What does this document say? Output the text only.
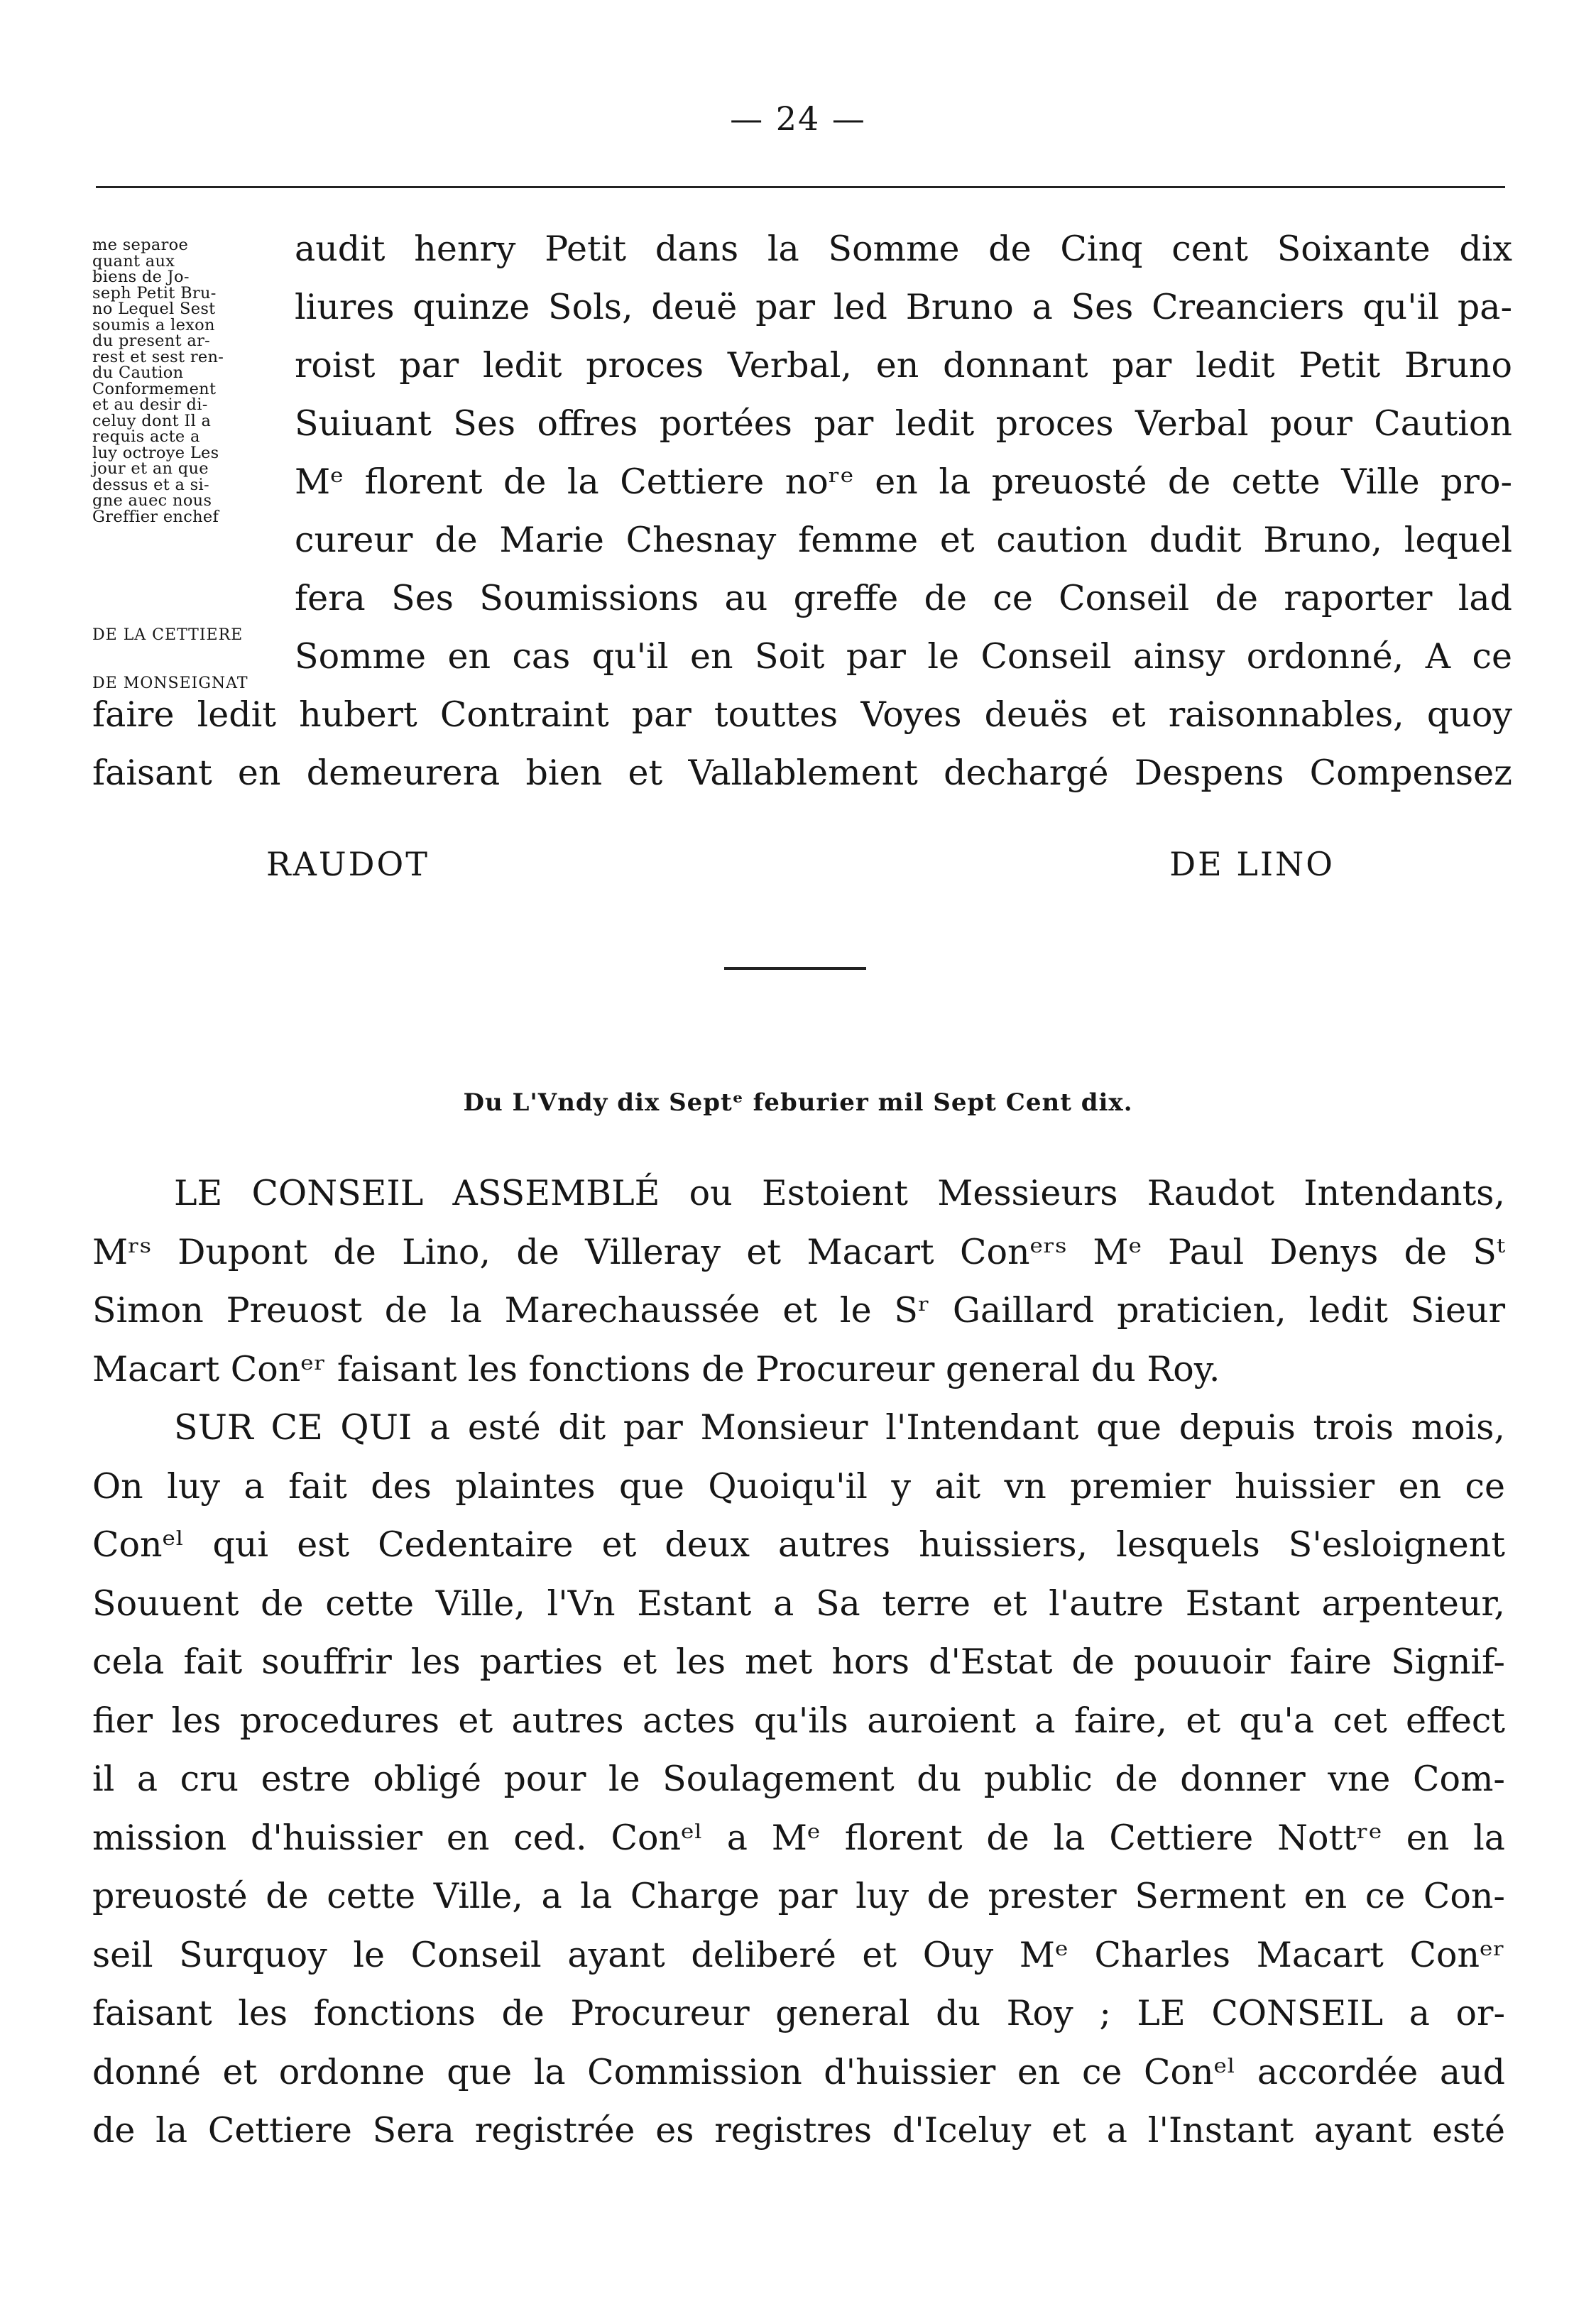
— 24 —
me separoe
quant aux
biens de Jo-
seph Petit Bru-
no Lequel Sest
soumis a lexon
du present ar-
rest et sest ren-
du Caution
Conformement
et au desir di-
celuy dont Il a
requis acte a
luy octroye Les
jour et an que
dessus et a si-
gne auec nous
Greffier enchef
DE LA CETTIERE
DE MONSEIGNAT
audit henry Petit dans la Somme de Cinq cent Soixante dix
liures quinze Sols, deuë par led Bruno a Ses Creanciers qu'il pa-
roist par ledit proces Verbal, en donnant par ledit Petit Bruno
Suiuant Ses offres portées par ledit proces Verbal pour Caution
Mᵉ florent de la Cettiere noʳᵉ en la preuosté de cette Ville pro-
cureur de Marie Chesnay femme et caution dudit Bruno, lequel
fera Ses Soumissions au greffe de ce Conseil de raporter lad
Somme en cas qu'il en Soit par le Conseil ainsy ordonné, A ce
faire ledit hubert Contraint par touttes Voyes deuës et raisonnables, quoy
faisant en demeurera bien et Vallablement dechargé Despens Compensez
RAUDOT	DE LINO
Du L'Vndy dix Septᵉ feburier mil Sept Cent dix.
LE CONSEIL ASSEMBLÉ ou Estoient Messieurs Raudot Intendants,
Mʳˢ Dupont de Lino, de Villeray et Macart Conᵉʳˢ Mᵉ Paul Denys de Sᵗ
Simon Preuost de la Marechaussée et le Sʳ Gaillard praticien, ledit Sieur
Macart Conᵉʳ faisant les fonctions de Procureur general du Roy.
SUR CE QUI a esté dit par Monsieur l'Intendant que depuis trois mois,
On luy a fait des plaintes que Quoiqu'il y ait vn premier huissier en ce
Conᵉˡ qui est Cedentaire et deux autres huissiers, lesquels S'esloignent
Souuent de cette Ville, l'Vn Estant a Sa terre et l'autre Estant arpenteur,
cela fait souffrir les parties et les met hors d'Estat de pouuoir faire Signif-
fier les procedures et autres actes qu'ils auroient a faire, et qu'a cet effect
il a cru estre obligé pour le Soulagement du public de donner vne Com-
mission d'huissier en ced. Conᵉˡ a Mᵉ florent de la Cettiere Nottʳᵉ en la
preuosté de cette Ville, a la Charge par luy de prester Serment en ce Con-
seil Surquoy le Conseil ayant deliberé et Ouy Mᵉ Charles Macart Conᵉʳ
faisant les fonctions de Procureur general du Roy ; LE CONSEIL a or-
donné et ordonne que la Commission d'huissier en ce Conᵉˡ accordée aud
de la Cettiere Sera registrée es registres d'Iceluy et a l'Instant ayant esté
